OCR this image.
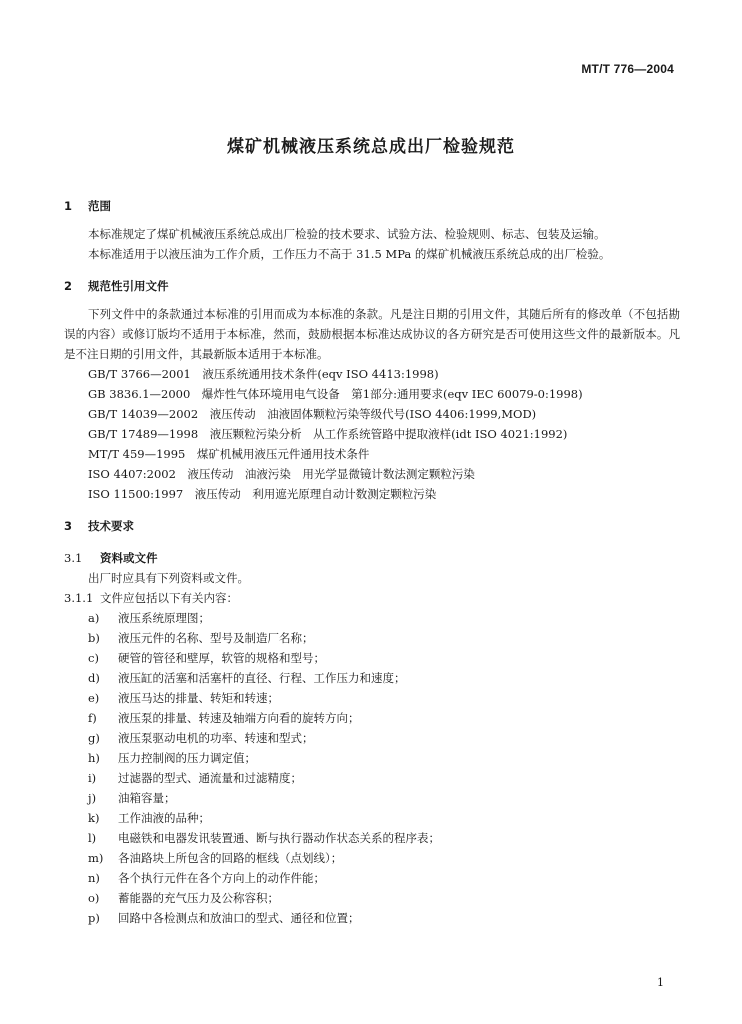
MT/T 776—2004
煤矿机械液压系统总成出厂检验规范

1 范围

本标准规定了煤矿机械液压系统总成出厂检验的技术要求、试验方法、检验规则、标志、包装及运输。

本标准适用于以液压油为工作介质，工作压力不高于 31.5 MPa 的煤矿机械液压系统总成的出厂检验。

2 规范性引用文件

下列文件中的条款通过本标准的引用而成为本标准的条款。凡是注日期的引用文件，其随后所有的修改单（不包括勘误的内容）或修订版均不适用于本标准，然而，鼓励根据本标准达成协议的各方研究是否可使用这些文件的最新版本。凡是不注日期的引用文件，其最新版本适用于本标准。

GB/T 3766—2001　液压系统通用技术条件(eqv ISO 4413:1998)

GB 3836.1—2000　爆炸性气体环境用电气设备　第1部分:通用要求(eqv IEC 60079-0:1998)

GB/T 14039—2002　液压传动　油液固体颗粒污染等级代号(ISO 4406:1999,MOD)

GB/T 17489—1998　液压颗粒污染分析　从工作系统管路中提取液样(idt ISO 4021:1992)

MT/T 459—1995　煤矿机械用液压元件通用技术条件

ISO 4407:2002　液压传动　油液污染　用光学显微镜计数法测定颗粒污染

ISO 11500:1997　液压传动　利用遮光原理自动计数测定颗粒污染

3 技术要求

3.1 资料或文件

出厂时应具有下列资料或文件。

3.1.1 文件应包括以下有关内容：

a) 液压系统原理图；

b) 液压元件的名称、型号及制造厂名称；

c) 硬管的管径和壁厚，软管的规格和型号；

d) 液压缸的活塞和活塞杆的直径、行程、工作压力和速度；

e) 液压马达的排量、转矩和转速；

f) 液压泵的排量、转速及轴端方向看的旋转方向；

g) 液压泵驱动电机的功率、转速和型式；

h) 压力控制阀的压力调定值；

i) 过滤器的型式、通流量和过滤精度；

j) 油箱容量；

k) 工作油液的品种；

l) 电磁铁和电器发讯装置通、断与执行器动作状态关系的程序表；

m) 各油路块上所包含的回路的框线（点划线）；

n) 各个执行元件在各个方向上的动作件能；

o) 蓄能器的充气压力及公称容积；

p) 回路中各检测点和放油口的型式、通径和位置；

1
